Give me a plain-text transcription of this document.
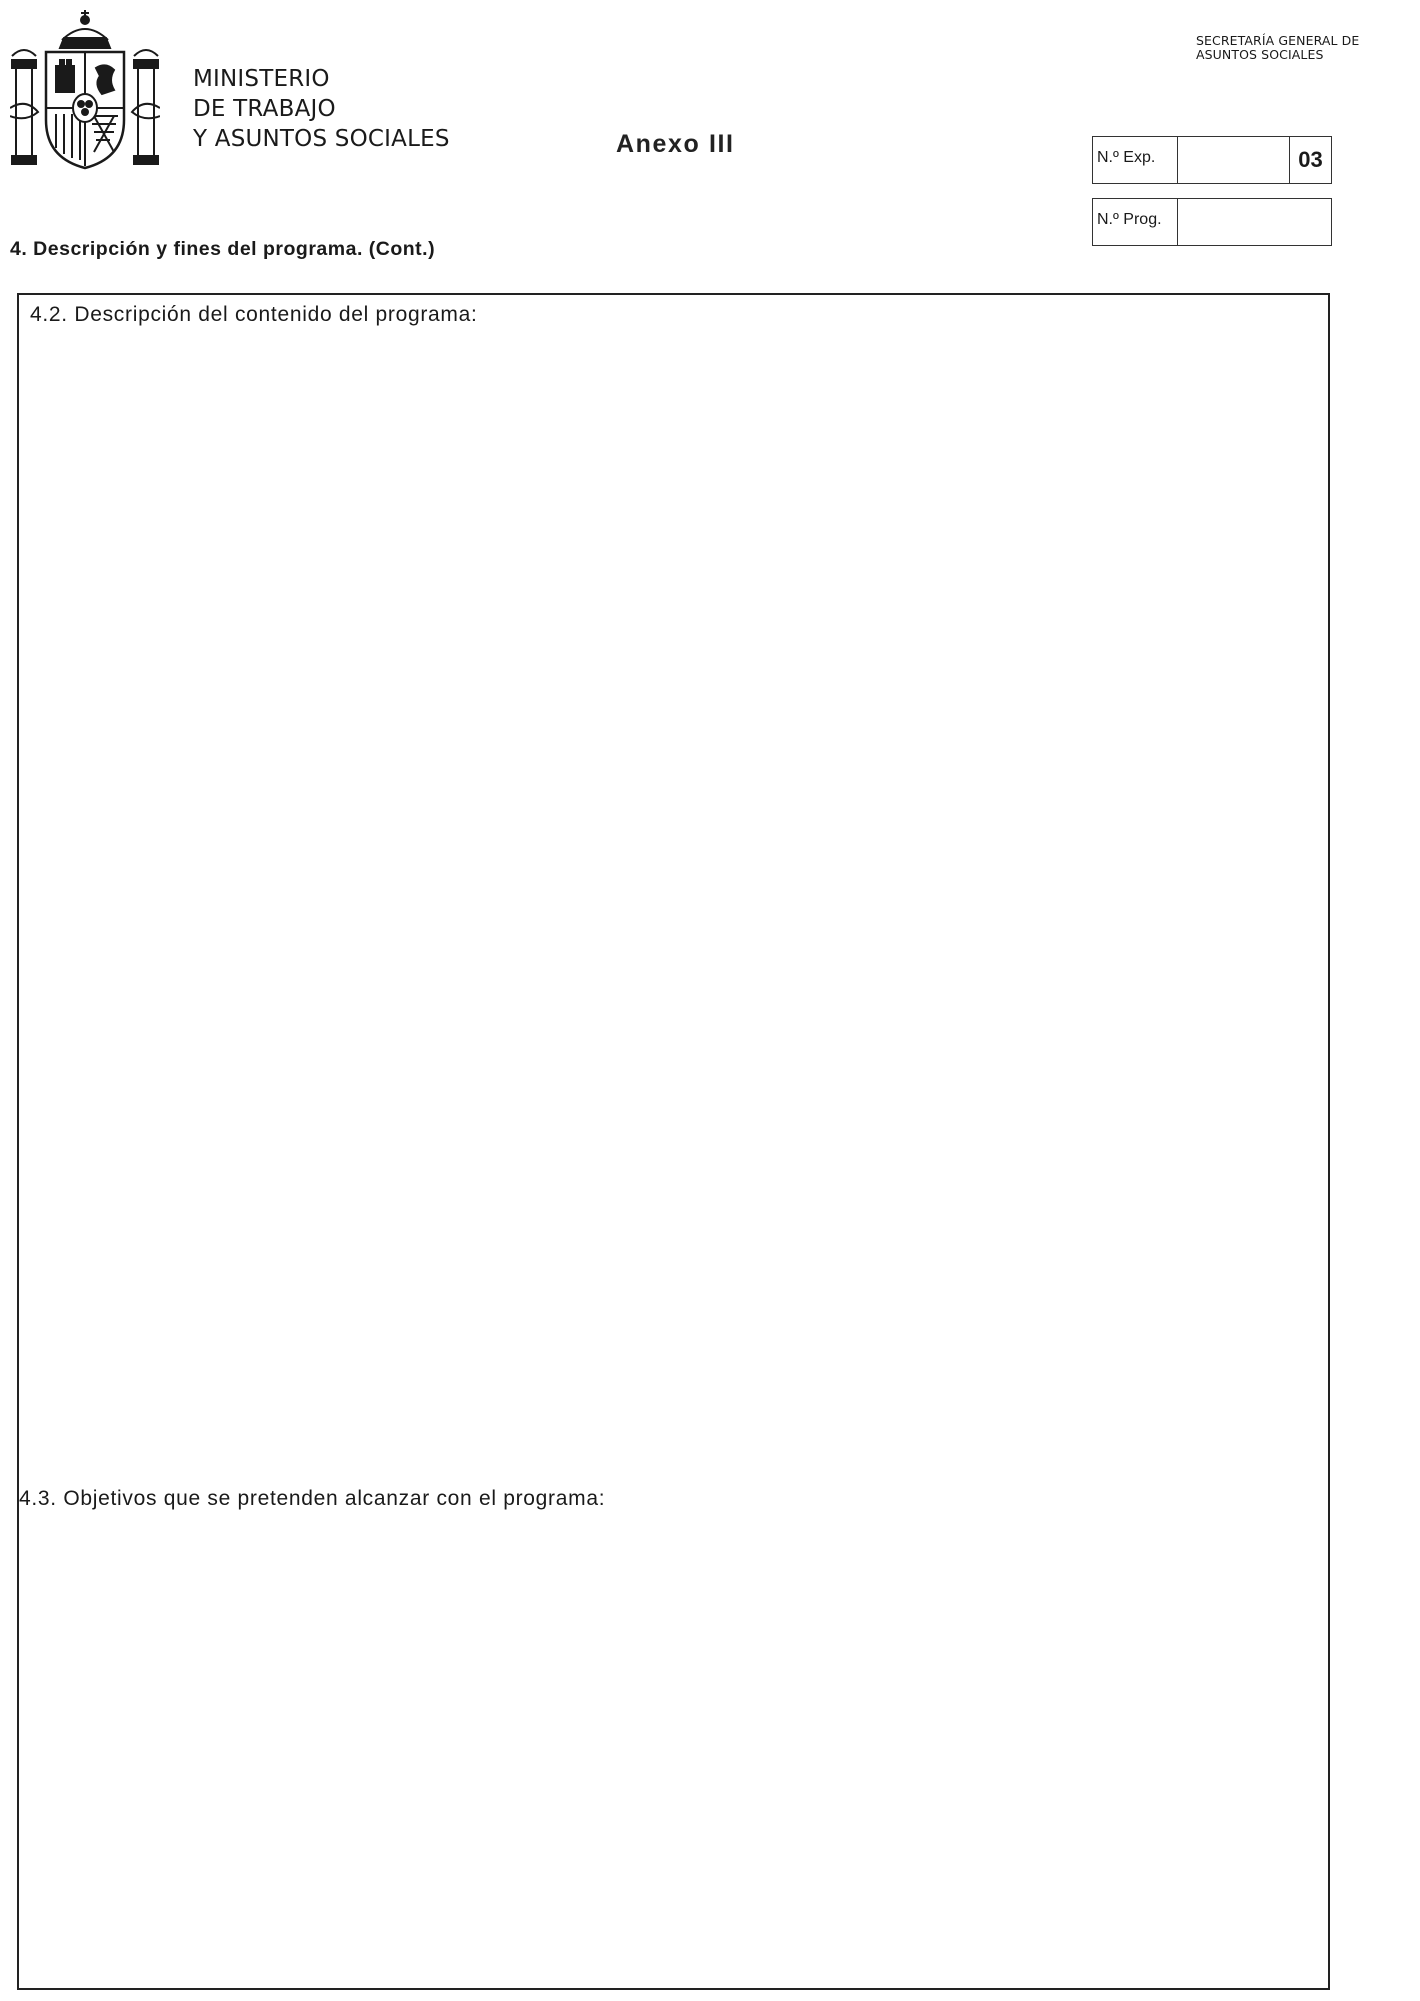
MINISTERIO
DE TRABAJO
Y ASUNTOS SOCIALES	Anexo III
SECRETARÍA GENERAL DE
ASUNTOS SOCIALES
N.º Exp.	03
N.º Prog.
4. Descripción y fines del programa. (Cont.)
4.2. Descripción del contenido del programa:
4.3. Objetivos que se pretenden alcanzar con el programa:
